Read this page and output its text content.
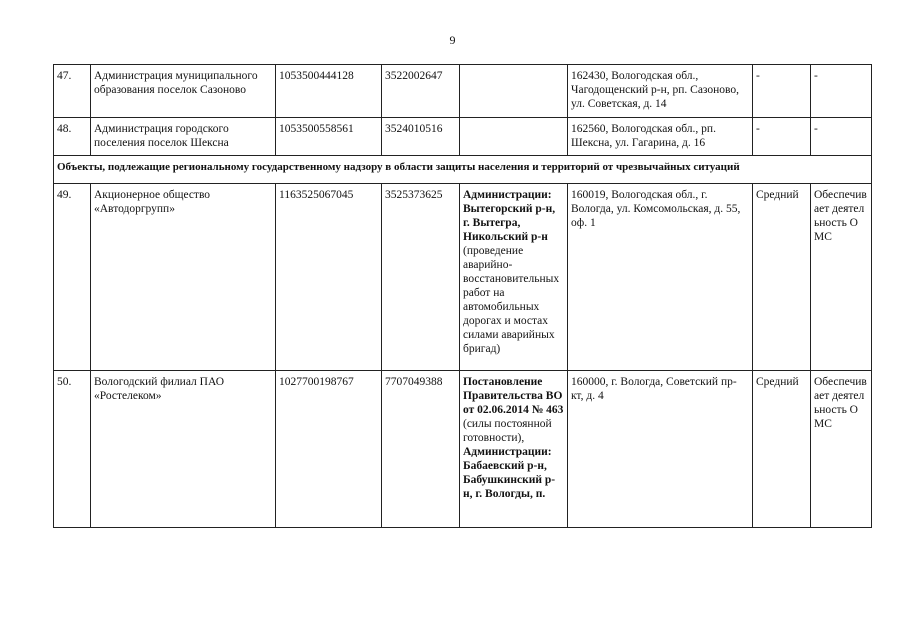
9
47.	Администрация муниципального образования поселок Сазоново	1053500444128	3522002647		162430, Вологодская обл., Чагодощенский р-н, рп. Сазоново, ул. Советская, д. 14	-	-
48.	Администрация городского поселения поселок Шексна	1053500558561	3524010516		162560, Вологодская обл., рп. Шексна, ул. Гагарина, д. 16	-	-
Объекты, подлежащие региональному государственному надзору в области защиты населения и территорий от чрезвычайных ситуаций							
49.	Акционерное общество «Автодоргрупп»	1163525067045	3525373625	Администрации: Вытегорский р-н, г. Вытегра, Никольский р-н (проведение аварийно-восстановительных работ на автомобильных дорогах и мостах силами аварийных бригад)	160019, Вологодская обл., г. Вологда, ул. Комсомольская, д. 55, оф. 1	Средний	Обеспечивает деятельность ОМС
50.	Вологодский филиал ПАО «Ростелеком»	1027700198767	7707049388	Постановление Правительства ВО от 02.06.2014 № 463 (силы постоянной готовности), Администрации: Бабаевский р-н, Бабушкинский р-н, г. Вологды, п.	160000, г. Вологда, Советский пр-кт, д. 4	Средний	Обеспечивает деятельность ОМС
